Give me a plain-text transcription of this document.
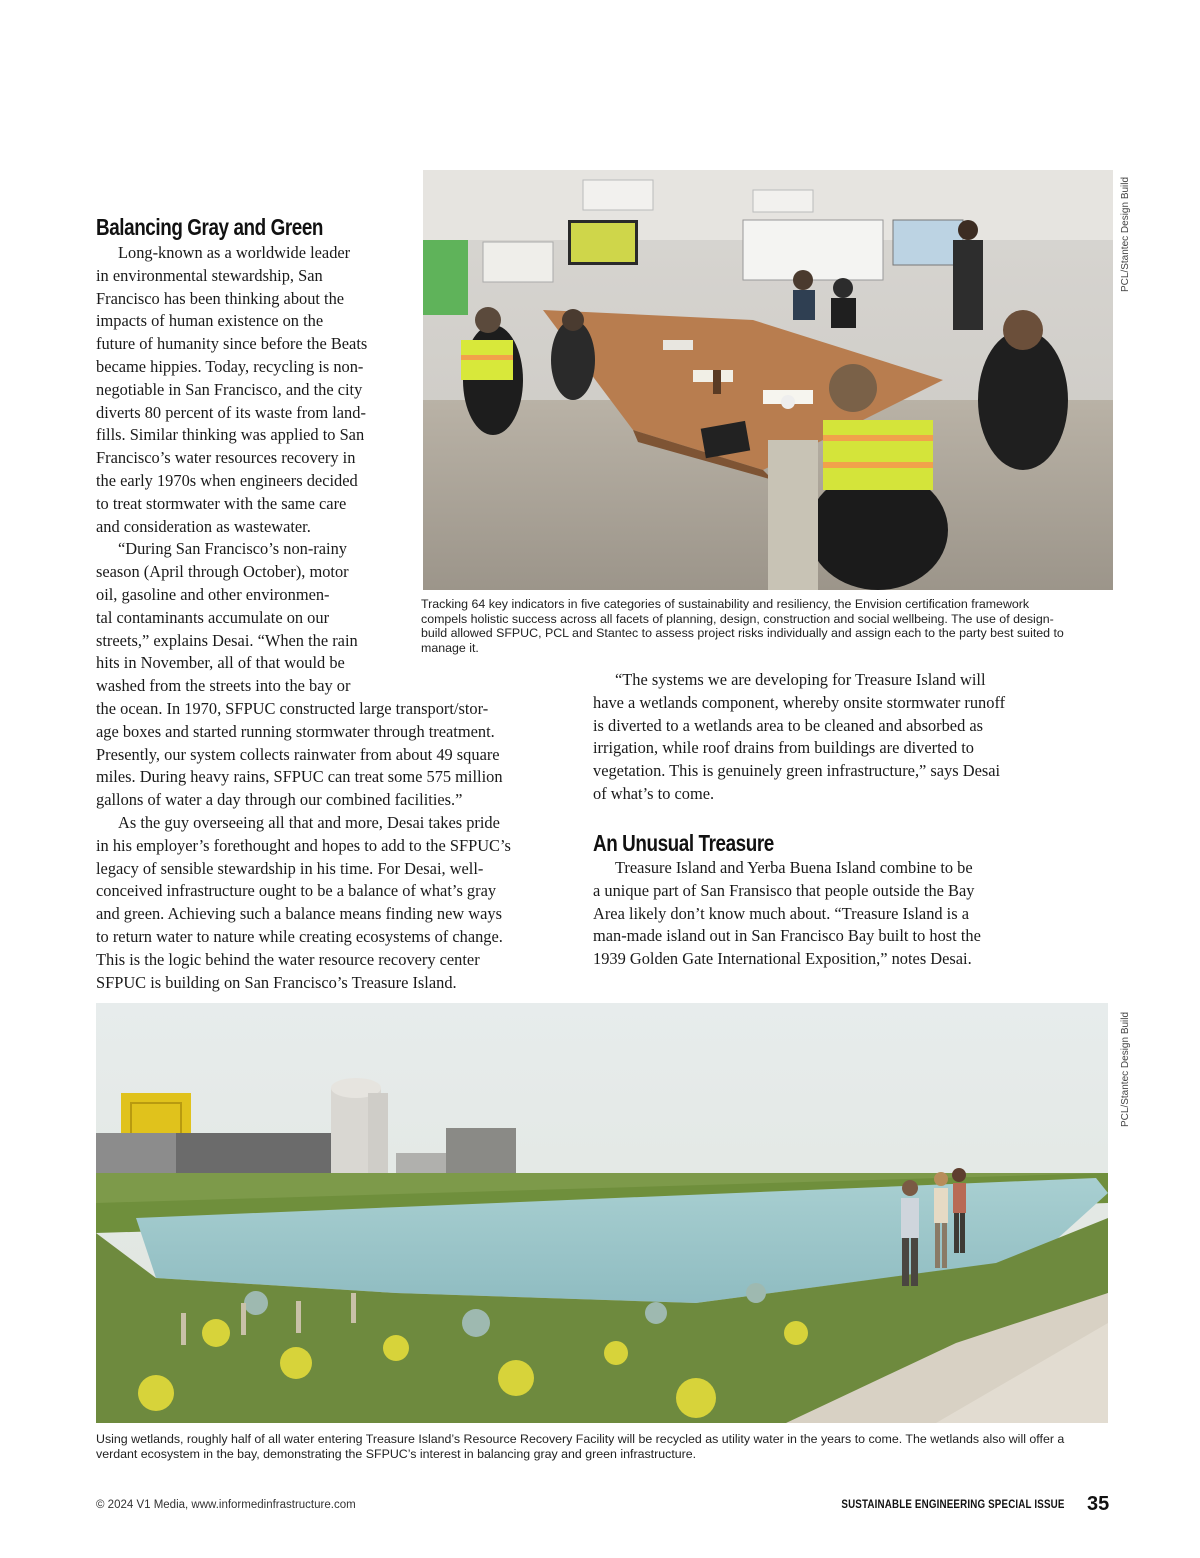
PCL/Stantec Design Build
Tracking 64 key indicators in five categories of sustainability and resiliency, the Envision certification framework
compels holistic success across all facets of planning, design, construction and social wellbeing. The use of design-
build allowed SFPUC, PCL and Stantec to assess project risks individually and assign each to the party best suited to
manage it.
Balancing Gray and Green
Long-known as a worldwide leader
in environmental stewardship, San
Francisco has been thinking about the
impacts of human existence on the
future of humanity since before the Beats
became hippies. Today, recycling is non-
negotiable in San Francisco, and the city
diverts 80 percent of its waste from land-
fills. Similar thinking was applied to San
Francisco’s water resources recovery in
the early 1970s when engineers decided
to treat stormwater with the same care
and consideration as wastewater.
“During San Francisco’s non-rainy
season (April through October), motor
oil, gasoline and other environmen-
tal contaminants accumulate on our
streets,” explains Desai. “When the rain
hits in November, all of that would be
washed from the streets into the bay or
the ocean. In 1970, SFPUC constructed large transport/stor-
age boxes and started running stormwater through treatment.
Presently, our system collects rainwater from about 49 square
miles. During heavy rains, SFPUC can treat some 575 million
gallons of water a day through our combined facilities.”
As the guy overseeing all that and more, Desai takes pride
in his employer’s forethought and hopes to add to the SFPUC’s
legacy of sensible stewardship in his time. For Desai, well-
conceived infrastructure ought to be a balance of what’s gray
and green. Achieving such a balance means finding new ways
to return water to nature while creating ecosystems of change.
This is the logic behind the water resource recovery center
SFPUC is building on San Francisco’s Treasure Island.
“The systems we are developing for Treasure Island will
have a wetlands component, whereby onsite stormwater runoff
is diverted to a wetlands area to be cleaned and absorbed as
irrigation, while roof drains from buildings are diverted to
vegetation. This is genuinely green infrastructure,” says Desai
of what’s to come.
An Unusual Treasure
Treasure Island and Yerba Buena Island combine to be
a unique part of San Fransisco that people outside the Bay
Area likely don’t know much about. “Treasure Island is a
man-made island out in San Francisco Bay built to host the
1939 Golden Gate International Exposition,” notes Desai.
PCL/Stantec Design Build
Using wetlands, roughly half of all water entering Treasure Island’s Resource Recovery Facility will be recycled as utility water in the years to come. The wetlands also will offer a
verdant ecosystem in the bay, demonstrating the SFPUC’s interest in balancing gray and green infrastructure.
© 2024 V1 Media, www.informedinfrastructure.com	SUSTAINABLE ENGINEERING SPECIAL ISSUE 35
